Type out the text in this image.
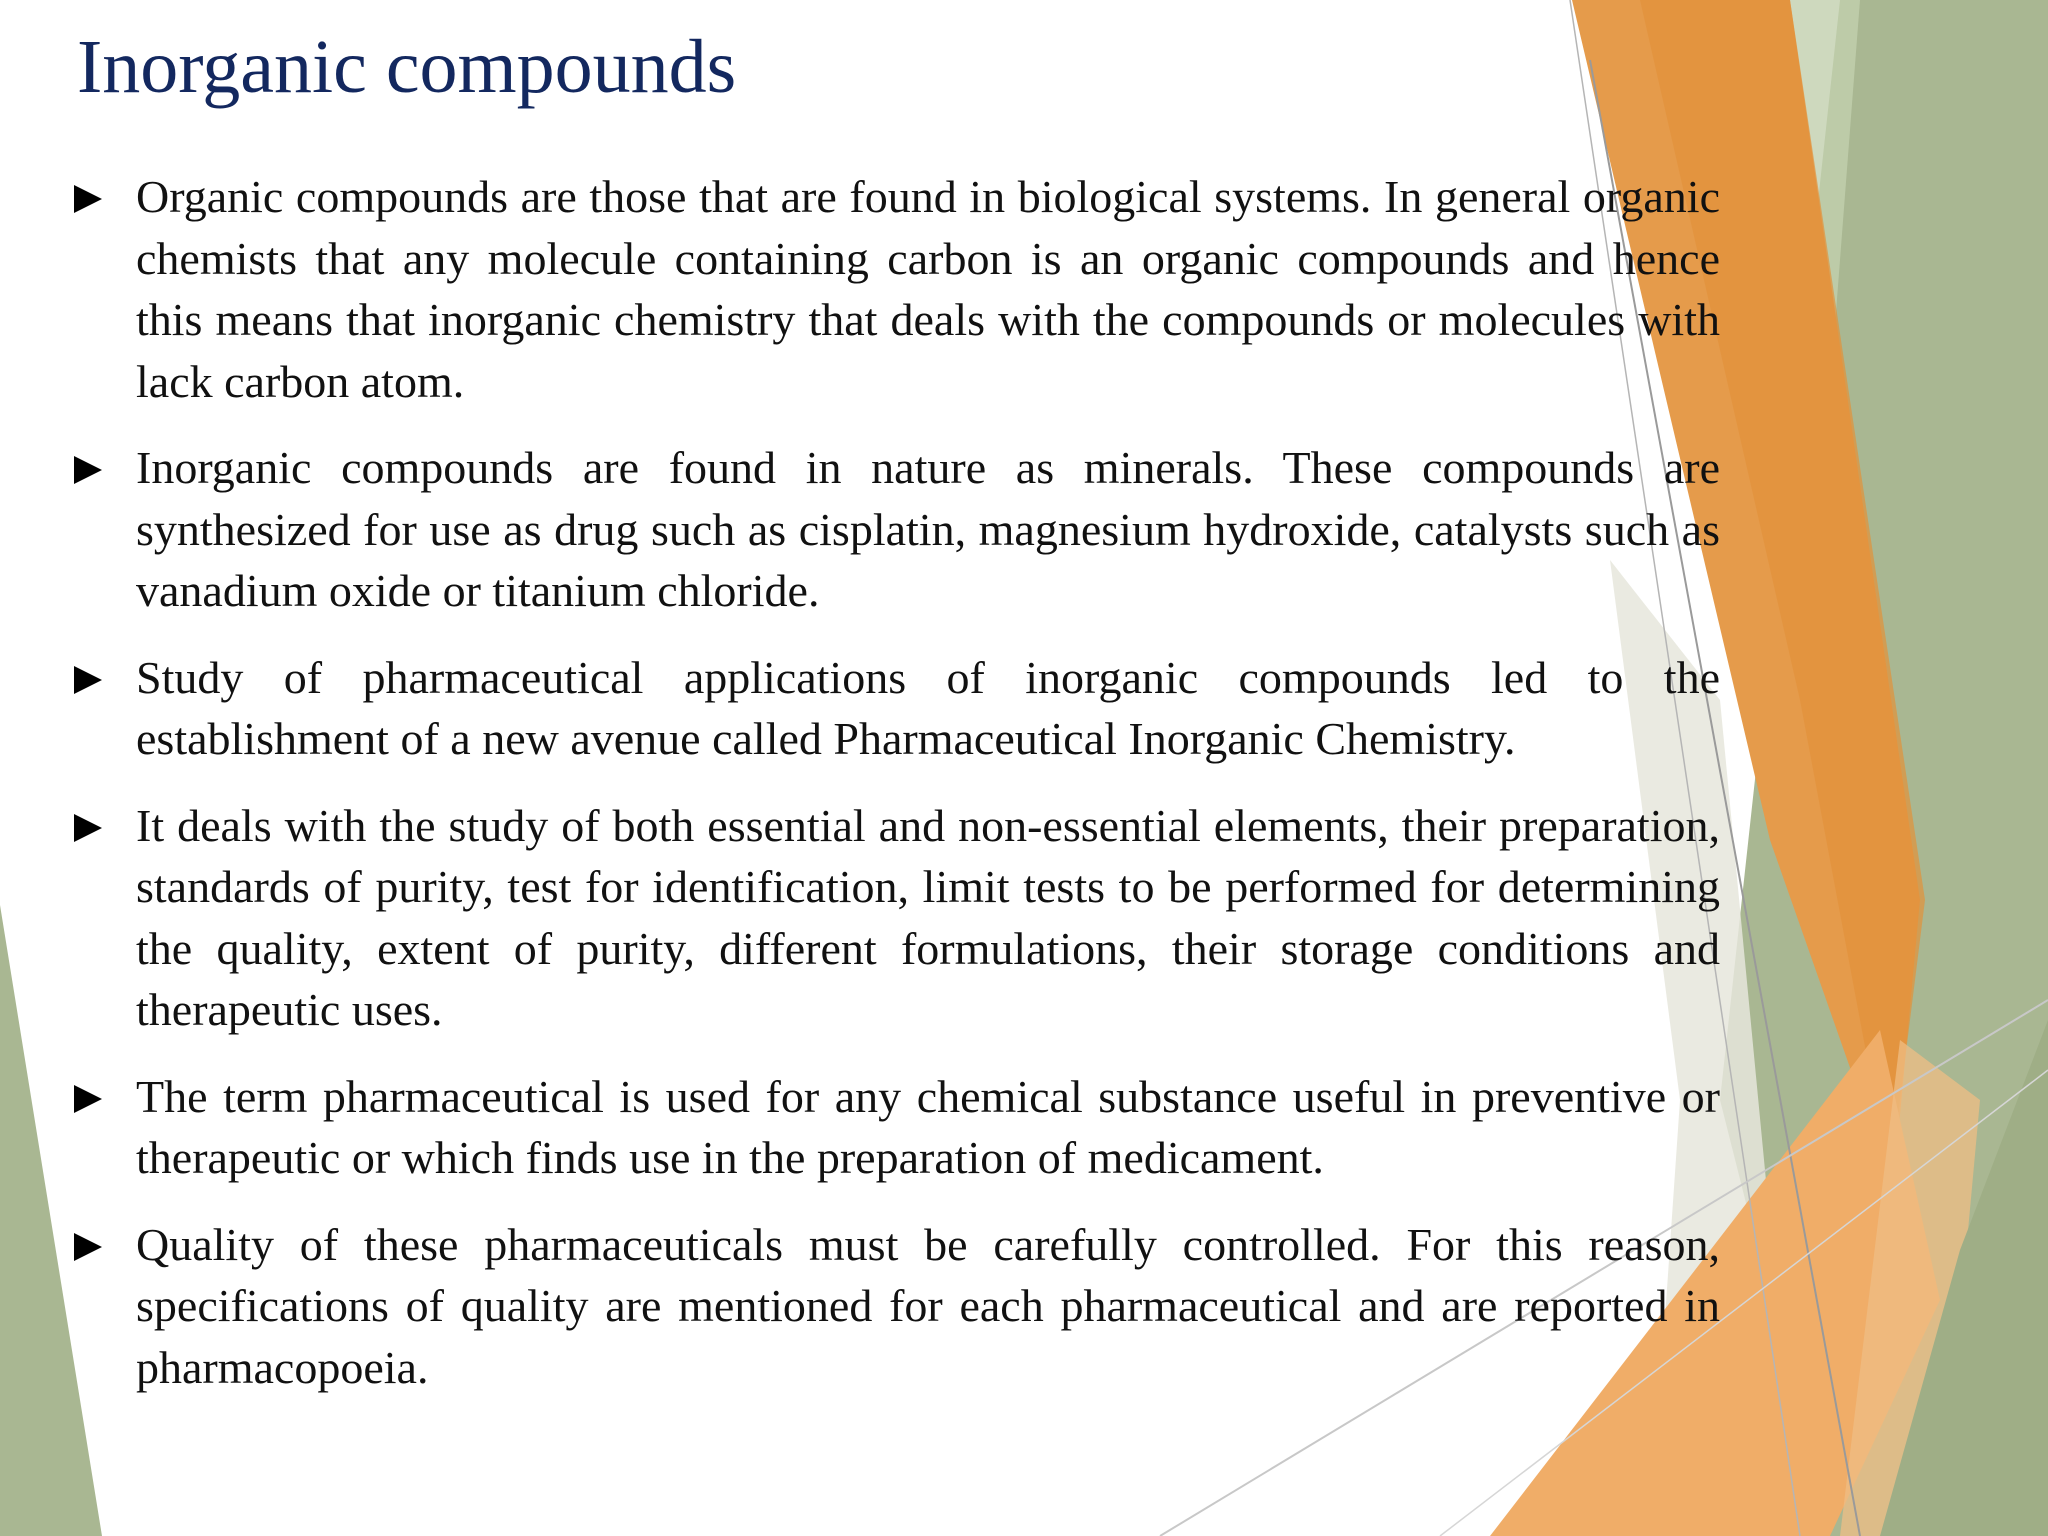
Inorganic compounds
Organic compounds are those that are found in biological systems. In general organic chemists that any molecule containing carbon is an organic compounds and hence this means that inorganic chemistry that deals with the compounds or molecules with lack carbon atom.
Inorganic compounds are found in nature as minerals. These compounds are synthesized for use as drug such as cisplatin, magnesium hydroxide, catalysts such as vanadium oxide or titanium chloride.
Study of pharmaceutical applications of inorganic compounds led to the establishment of a new avenue called Pharmaceutical Inorganic Chemistry.
It deals with the study of both essential and non-essential elements, their preparation, standards of purity, test for identification, limit tests to be performed for determining the quality, extent of purity, different formulations, their storage conditions and therapeutic uses.
The term pharmaceutical is used for any chemical substance useful in preventive or therapeutic or which finds use in the preparation of medicament.
Quality of these pharmaceuticals must be carefully controlled. For this reason, specifications of quality are mentioned for each pharmaceutical and are reported in pharmacopoeia.
